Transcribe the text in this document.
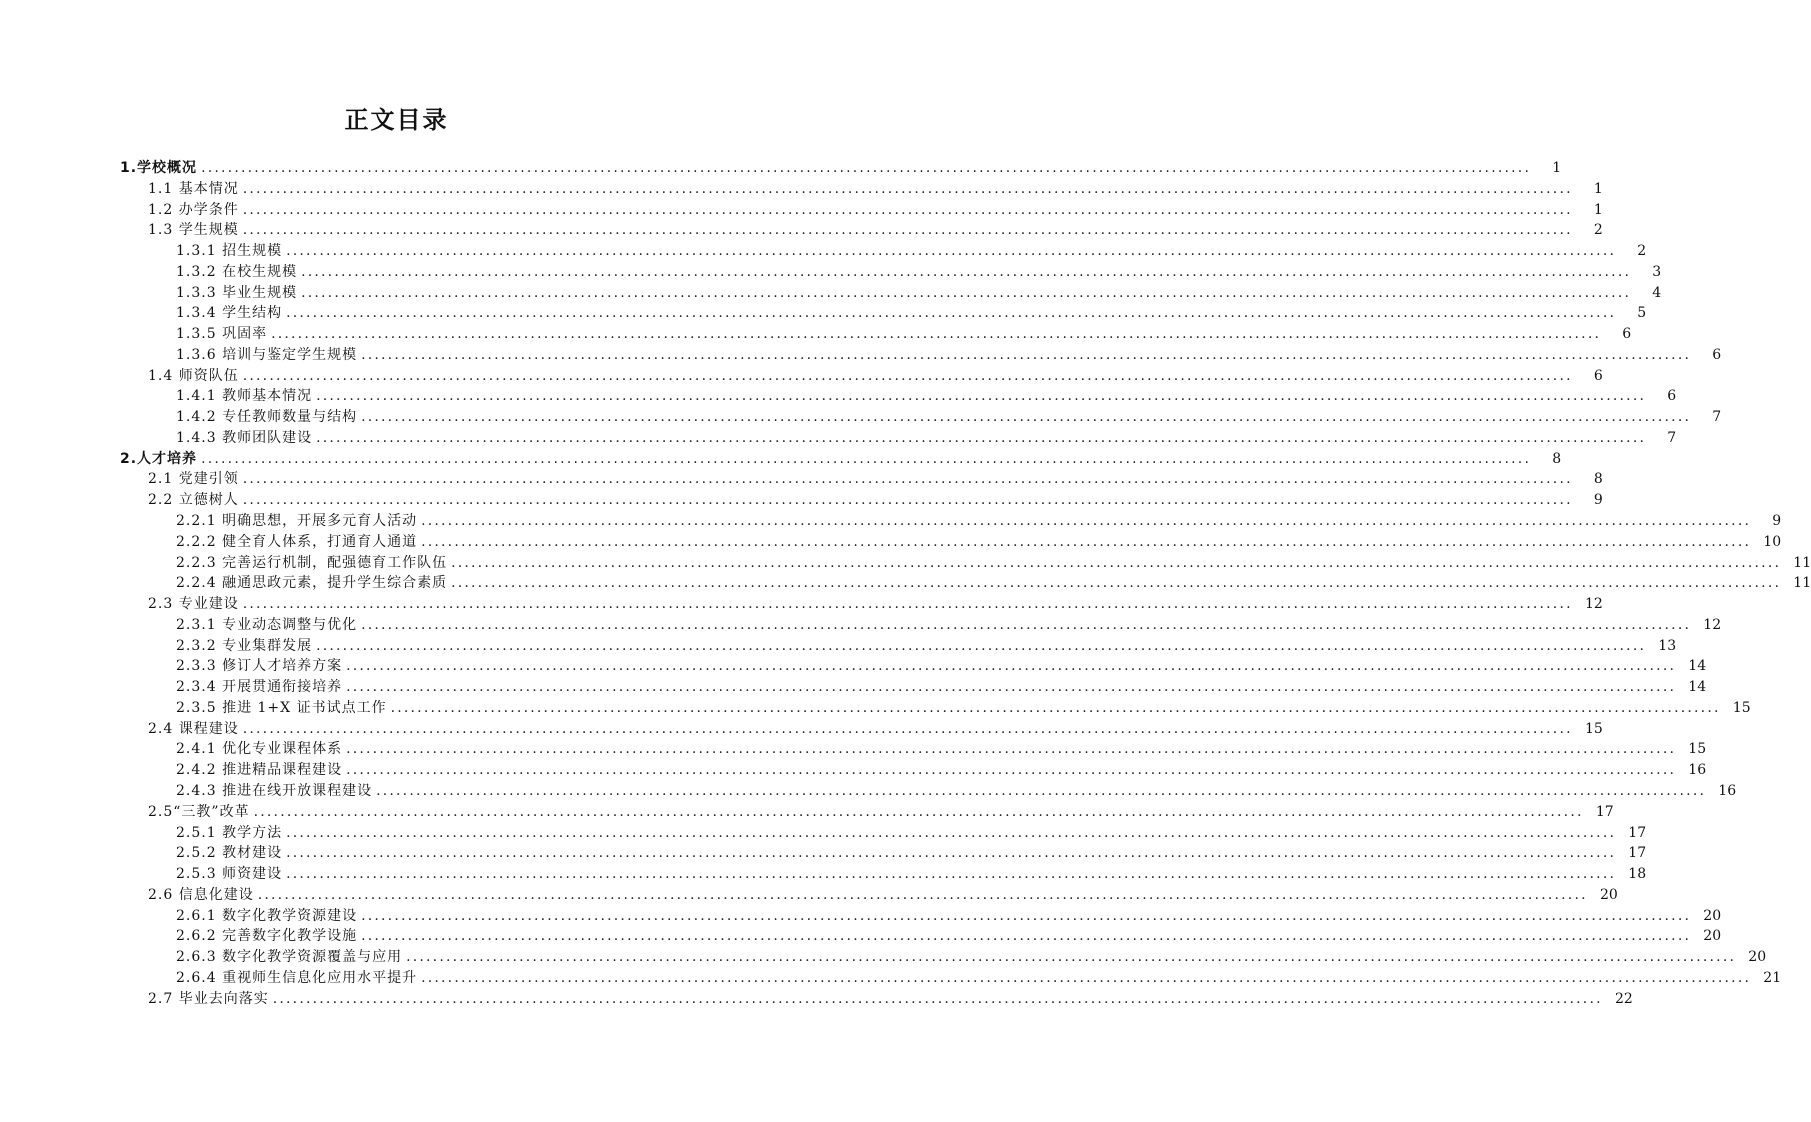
正文目录
1.学校概况 ........................................................................................................................................................................................................	1
1.1 基本情况 ........................................................................................................................................................................................................	1
1.2 办学条件 ........................................................................................................................................................................................................	1
1.3 学生规模 ........................................................................................................................................................................................................	2
1.3.1 招生规模 ........................................................................................................................................................................................................	2
1.3.2 在校生规模 ........................................................................................................................................................................................................	3
1.3.3 毕业生规模 ........................................................................................................................................................................................................	4
1.3.4 学生结构 ........................................................................................................................................................................................................	5
1.3.5 巩固率 ........................................................................................................................................................................................................	6
1.3.6 培训与鉴定学生规模 ........................................................................................................................................................................................................	6
1.4 师资队伍 ........................................................................................................................................................................................................	6
1.4.1 教师基本情况 ........................................................................................................................................................................................................	6
1.4.2 专任教师数量与结构 ........................................................................................................................................................................................................	7
1.4.3 教师团队建设 ........................................................................................................................................................................................................	7
2.人才培养 ........................................................................................................................................................................................................	8
2.1 党建引领 ........................................................................................................................................................................................................	8
2.2 立德树人 ........................................................................................................................................................................................................	9
2.2.1 明确思想，开展多元育人活动 ........................................................................................................................................................................................................	9
2.2.2 健全育人体系，打通育人通道 ........................................................................................................................................................................................................ 10
2.2.3 完善运行机制，配强德育工作队伍 ........................................................................................................................................................................................................ 11
2.2.4 融通思政元素，提升学生综合素质 ........................................................................................................................................................................................................ 11
2.3 专业建设 ........................................................................................................................................................................................................ 12
2.3.1 专业动态调整与优化 ........................................................................................................................................................................................................ 12
2.3.2 专业集群发展 ........................................................................................................................................................................................................ 13
2.3.3 修订人才培养方案 ........................................................................................................................................................................................................ 14
2.3.4 开展贯通衔接培养 ........................................................................................................................................................................................................ 14
2.3.5 推进 1+X 证书试点工作 ........................................................................................................................................................................................................ 15
2.4 课程建设 ........................................................................................................................................................................................................ 15
2.4.1 优化专业课程体系 ........................................................................................................................................................................................................ 15
2.4.2 推进精品课程建设 ........................................................................................................................................................................................................ 16
2.4.3 推进在线开放课程建设 ........................................................................................................................................................................................................ 16
2.5“三教”改革 ........................................................................................................................................................................................................ 17
2.5.1 教学方法 ........................................................................................................................................................................................................ 17
2.5.2 教材建设 ........................................................................................................................................................................................................ 17
2.5.3 师资建设 ........................................................................................................................................................................................................ 18
2.6 信息化建设 ........................................................................................................................................................................................................ 20
2.6.1 数字化教学资源建设 ........................................................................................................................................................................................................ 20
2.6.2 完善数字化教学设施 ........................................................................................................................................................................................................ 20
2.6.3 数字化教学资源覆盖与应用 ........................................................................................................................................................................................................ 20
2.6.4 重视师生信息化应用水平提升 ........................................................................................................................................................................................................ 21
2.7 毕业去向落实 ........................................................................................................................................................................................................ 22
